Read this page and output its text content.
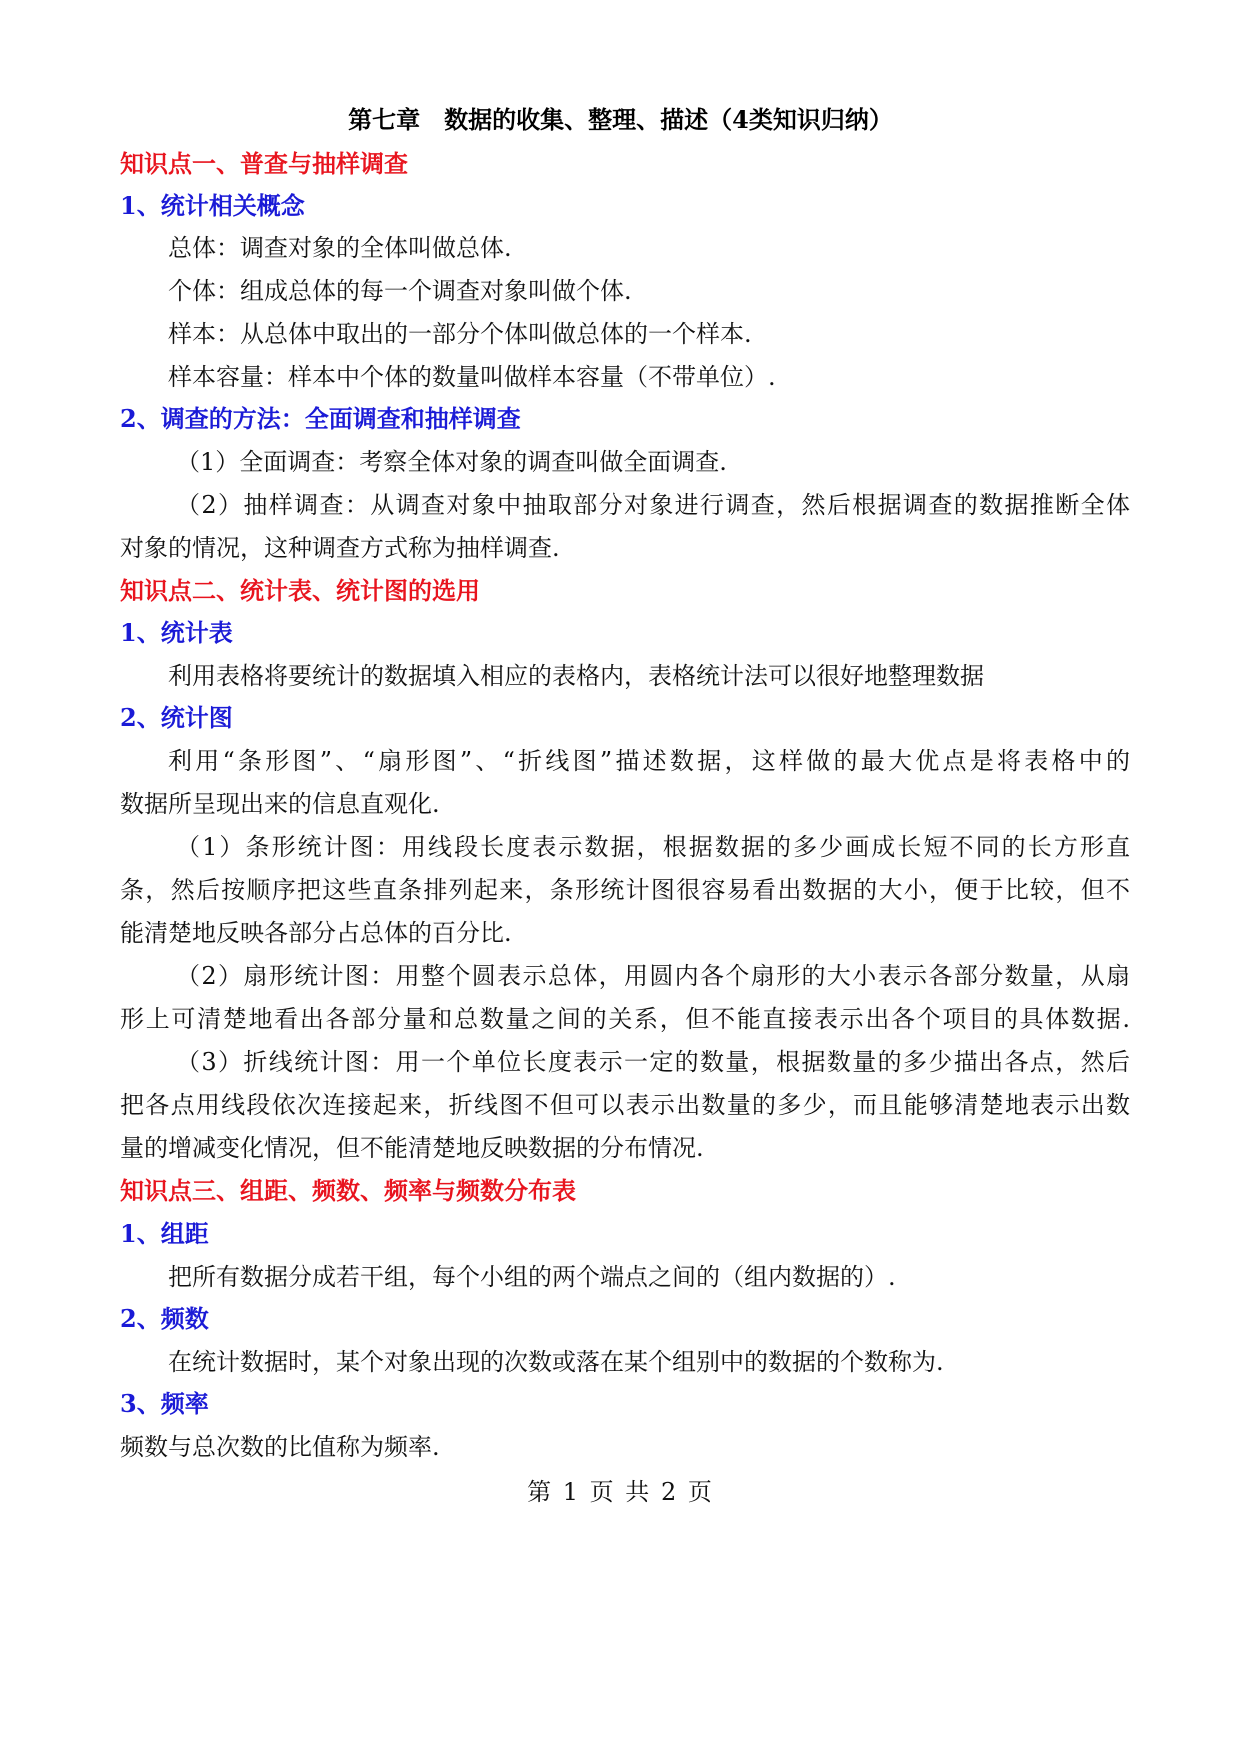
第七章　数据的收集、整理、描述（4类知识归纳）
知识点一、普查与抽样调查
1、统计相关概念
总体：调查对象的全体叫做总体.
个体：组成总体的每一个调查对象叫做个体.
样本：从总体中取出的一部分个体叫做总体的一个样本.
样本容量：样本中个体的数量叫做样本容量（不带单位）.
2、调查的方法：全面调查和抽样调查
（1）全面调查：考察全体对象的调查叫做全面调查.
（2）抽样调查：从调查对象中抽取部分对象进行调查，然后根据调查的数据推断全体
对象的情况，这种调查方式称为抽样调查.
知识点二、统计表、统计图的选用
1、统计表
利用表格将要统计的数据填入相应的表格内，表格统计法可以很好地整理数据
2、统计图
利用“条形图”、“扇形图”、“折线图”描述数据，这样做的最大优点是将表格中的
数据所呈现出来的信息直观化.
（1）条形统计图：用线段长度表示数据，根据数据的多少画成长短不同的长方形直
条，然后按顺序把这些直条排列起来，条形统计图很容易看出数据的大小，便于比较，但不
能清楚地反映各部分占总体的百分比.
（2）扇形统计图：用整个圆表示总体，用圆内各个扇形的大小表示各部分数量，从扇
形上可清楚地看出各部分量和总数量之间的关系，但不能直接表示出各个项目的具体数据.
（3）折线统计图：用一个单位长度表示一定的数量，根据数量的多少描出各点，然后
把各点用线段依次连接起来，折线图不但可以表示出数量的多少，而且能够清楚地表示出数
量的增减变化情况，但不能清楚地反映数据的分布情况.
知识点三、组距、频数、频率与频数分布表
1、组距
把所有数据分成若干组，每个小组的两个端点之间的（组内数据的）.
2、频数
在统计数据时，某个对象出现的次数或落在某个组别中的数据的个数称为.
3、频率
频数与总次数的比值称为频率.
第 1 页 共 2 页
